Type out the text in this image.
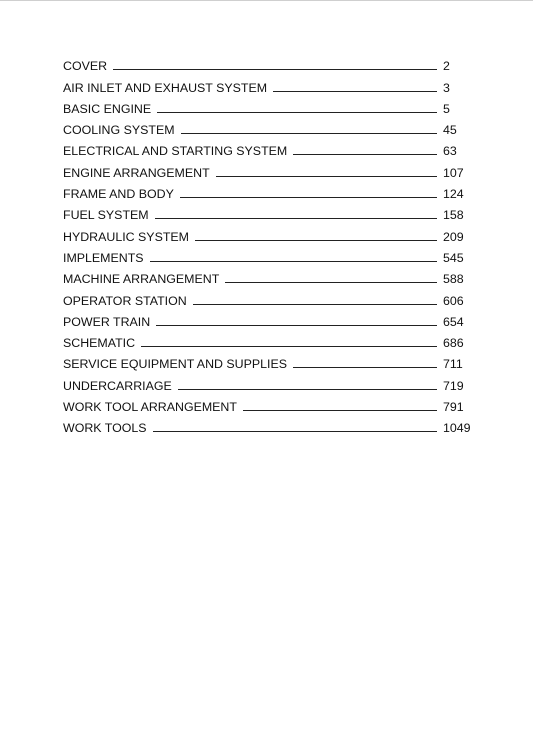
COVER	2
AIR INLET AND EXHAUST SYSTEM	3
BASIC ENGINE	5
COOLING SYSTEM	45
ELECTRICAL AND STARTING SYSTEM	63
ENGINE ARRANGEMENT	107
FRAME AND BODY	124
FUEL SYSTEM	158
HYDRAULIC SYSTEM	209
IMPLEMENTS	545
MACHINE ARRANGEMENT	588
OPERATOR STATION	606
POWER TRAIN	654
SCHEMATIC	686
SERVICE EQUIPMENT AND SUPPLIES	711
UNDERCARRIAGE	719
WORK TOOL ARRANGEMENT	791
WORK TOOLS	1049
